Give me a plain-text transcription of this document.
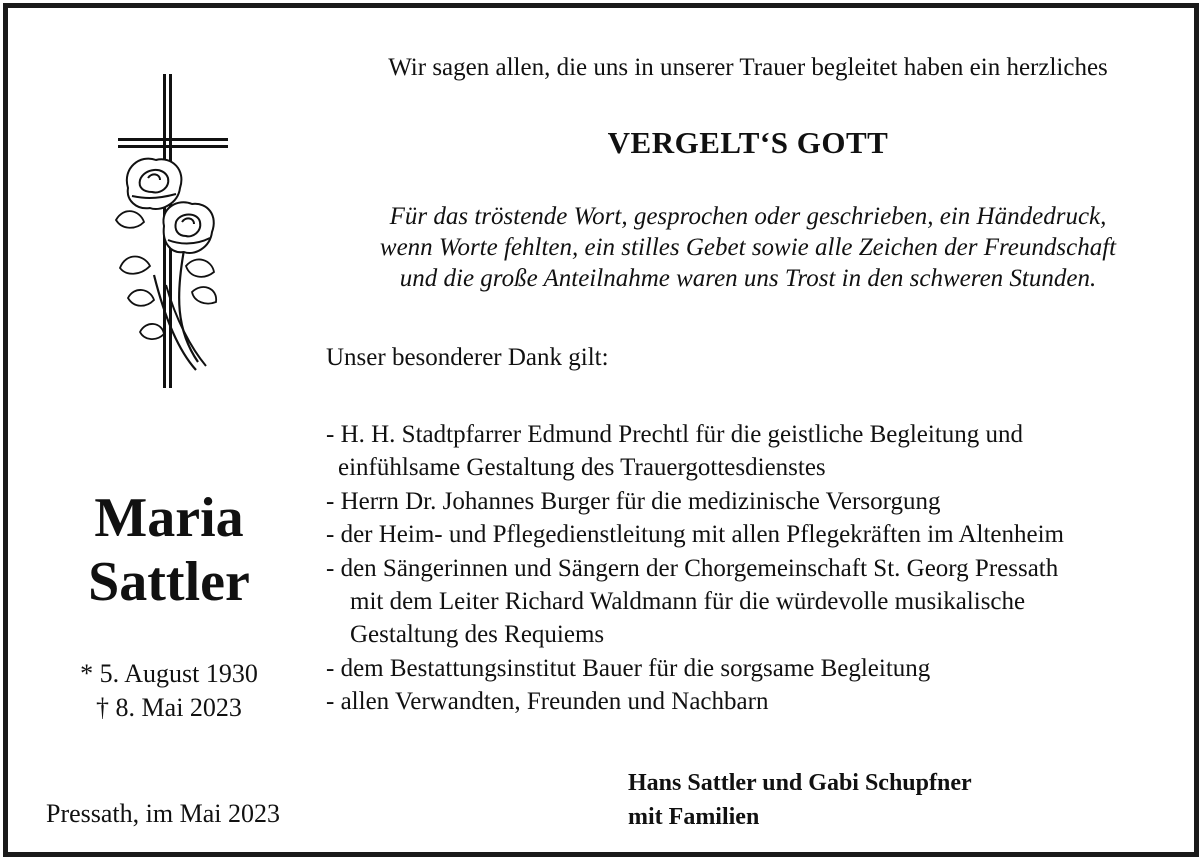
Maria
Sattler
* 5. August 1930
† 8. Mai 2023
Pressath, im Mai 2023
Wir sagen allen, die uns in unserer Trauer begleitet haben ein herzliches
VERGELT‘S GOTT
Für das tröstende Wort, gesprochen oder geschrieben, ein Händedruck,
wenn Worte fehlten, ein stilles Gebet sowie alle Zeichen der Freundschaft
und die große Anteilnahme waren uns Trost in den schweren Stunden.
Unser besonderer Dank gilt:
- H. H. Stadtpfarrer Edmund Prechtl für die geistliche Begleitung und
einfühlsame Gestaltung des Trauergottesdienstes
- Herrn Dr. Johannes Burger für die medizinische Versorgung
- der Heim- und Pflegedienstleitung mit allen Pflegekräften im Altenheim
- den Sängerinnen und Sängern der Chorgemeinschaft St. Georg Pressath
mit dem Leiter Richard Waldmann für die würdevolle musikalische
Gestaltung des Requiems
- dem Bestattungsinstitut Bauer für die sorgsame Begleitung
- allen Verwandten, Freunden und Nachbarn
Hans Sattler und Gabi Schupfner
mit Familien
